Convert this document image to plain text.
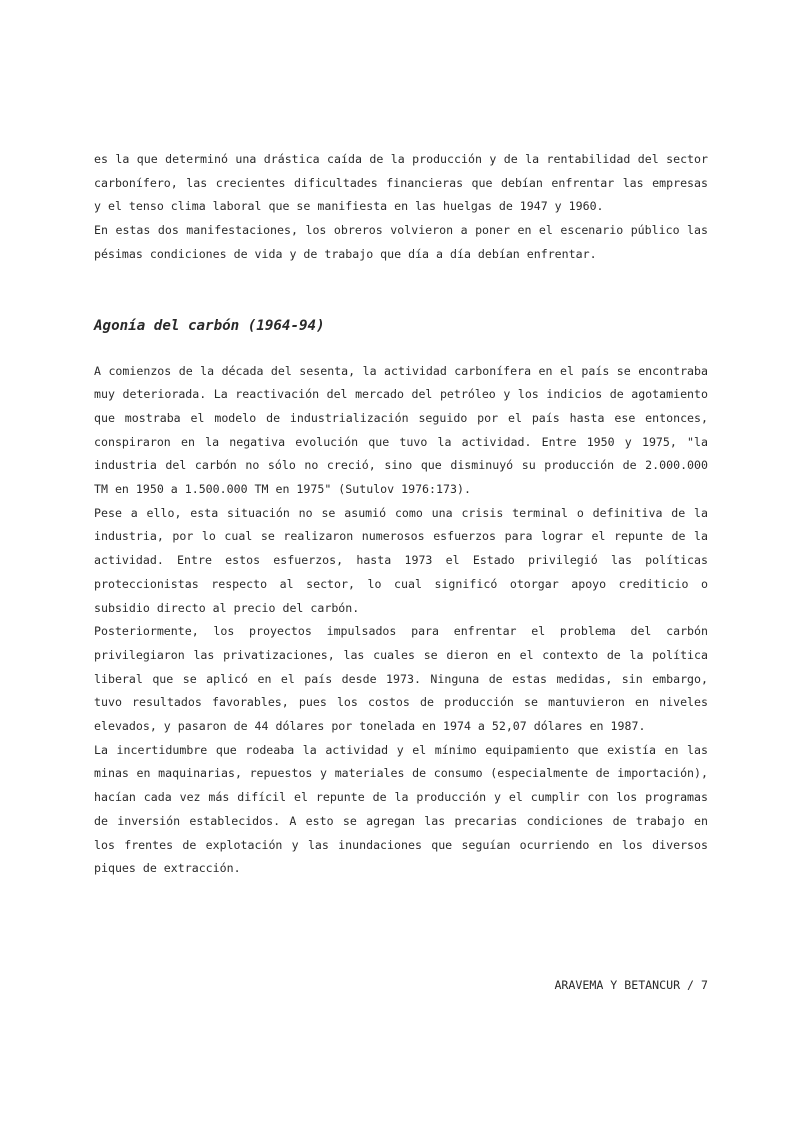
es la que determinó una drástica caída de la producción y de la rentabilidad del sector carbonífero, las crecientes dificultades financieras que debían enfrentar las empresas y el tenso clima laboral que se manifiesta en las huelgas de 1947 y 1960.

En estas dos manifestaciones, los obreros volvieron a poner en el escenario público las pésimas condiciones de vida y de trabajo que día a día debían enfrentar.

Agonía del carbón (1964-94)

A comienzos de la década del sesenta, la actividad carbonífera en el país se encontraba muy deteriorada. La reactivación del mercado del petróleo y los indicios de agotamiento que mostraba el modelo de industrialización seguido por el país hasta ese entonces, conspiraron en la negativa evolución que tuvo la actividad. Entre 1950 y 1975, "la industria del carbón no sólo no creció, sino que disminuyó su producción de 2.000.000 TM en 1950 a 1.500.000 TM en 1975" (Sutulov 1976:173).

Pese a ello, esta situación no se asumió como una crisis terminal o definitiva de la industria, por lo cual se realizaron numerosos esfuerzos para lograr el repunte de la actividad. Entre estos esfuerzos, hasta 1973 el Estado privilegió las políticas proteccionistas respecto al sector, lo cual significó otorgar apoyo crediticio o subsidio directo al precio del carbón.

Posteriormente, los proyectos impulsados para enfrentar el problema del carbón privilegiaron las privatizaciones, las cuales se dieron en el contexto de la política liberal que se aplicó en el país desde 1973. Ninguna de estas medidas, sin embargo, tuvo resultados favorables, pues los costos de producción se mantuvieron en niveles elevados, y pasaron de 44 dólares por tonelada en 1974 a 52,07 dólares en 1987.

La incertidumbre que rodeaba la actividad y el mínimo equipamiento que existía en las minas en maquinarias, repuestos y materiales de consumo (especialmente de importación), hacían cada vez más difícil el repunte de la producción y el cumplir con los programas de inversión establecidos. A esto se agregan las precarias condiciones de trabajo en los frentes de explotación y las inundaciones que seguían ocurriendo en los diversos piques de extracción.

ARAVEMA Y BETANCUR / 7
